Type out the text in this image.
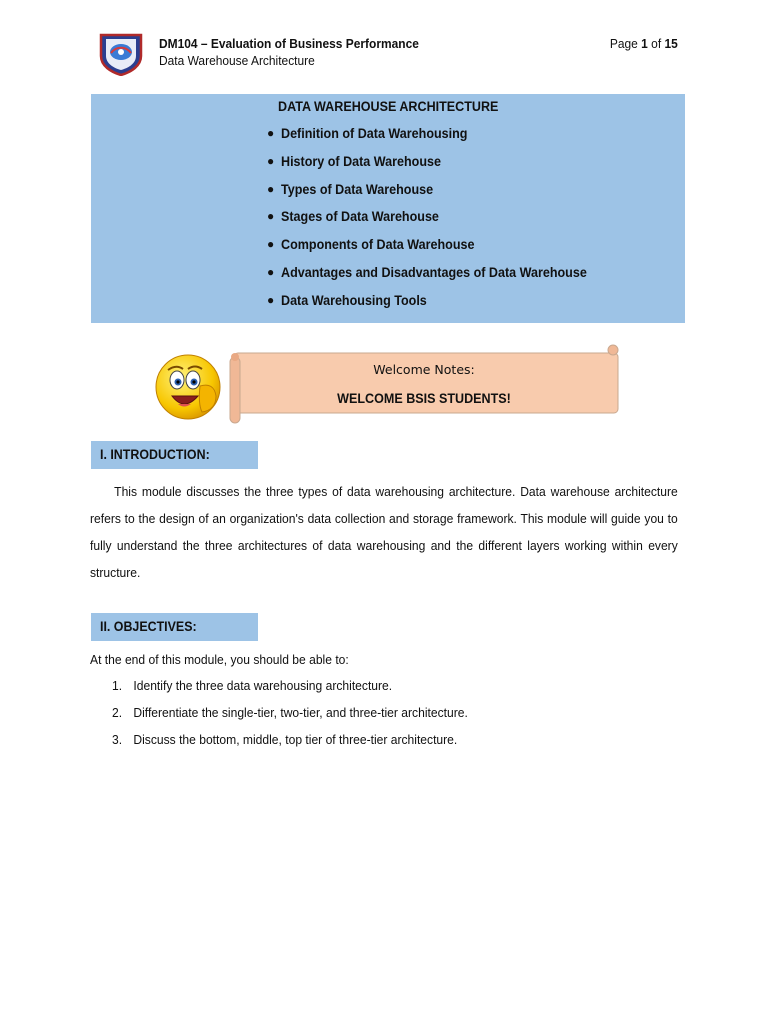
DM104 – Evaluation of Business Performance
Data Warehouse Architecture
Page 1 of 15
DATA WAREHOUSE ARCHITECTURE
● Definition of Data Warehousing
● History of Data Warehouse
● Types of Data Warehouse
● Stages of Data Warehouse
● Components of Data Warehouse
● Advantages and Disadvantages of Data Warehouse
● Data Warehousing Tools
Welcome Notes:
WELCOME BSIS STUDENTS!
I. INTRODUCTION:

This module discusses the three types of data warehousing architecture. Data warehouse architecture refers to the design of an organization's data collection and storage framework. This module will guide you to fully understand the three architectures of data warehousing and the different layers working within every structure.

II. OBJECTIVES:
At the end of this module, you should be able to:
1. Identify the three data warehousing architecture.
2. Differentiate the single-tier, two-tier, and three-tier architecture.
3. Discuss the bottom, middle, top tier of three-tier architecture.
